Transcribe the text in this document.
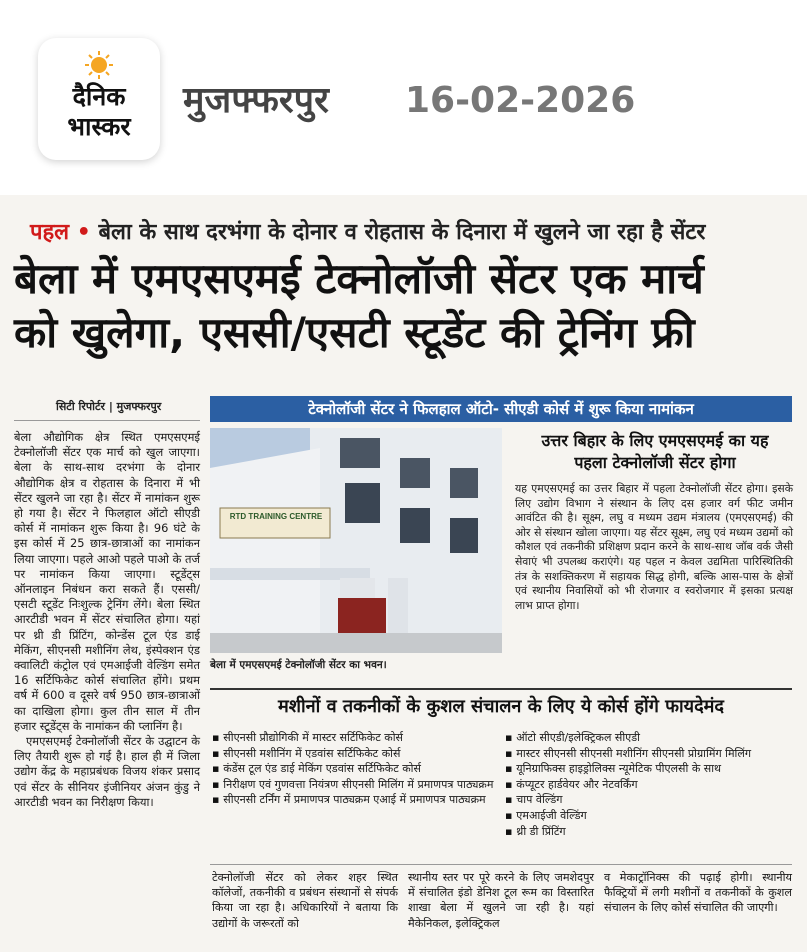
दैनिक
भास्कर
मुजफ्फरपुर 16-02-2026
पहल • बेला के साथ दरभंगा के दोनार व रोहतास के दिनारा में खुलने जा रहा है सेंटर
बेला में एमएसएमई टेक्नोलॉजी सेंटर एक मार्च
को खुलेगा, एससी/एसटी स्टूडेंट की ट्रेनिंग फ्री
सिटी रिपोर्टर | मुजफ्फरपुर
बेला औद्योगिक क्षेत्र स्थित एमएसएमई टेक्नोलॉजी सेंटर एक मार्च को खुल जाएगा। बेला के साथ-साथ दरभंगा के दोनार औद्योगिक क्षेत्र व रोहतास के दिनारा में भी सेंटर खुलने जा रहा है। सेंटर में नामांकन शुरू हो गया है। सेंटर ने फिलहाल ऑटो सीएडी कोर्स में नामांकन शुरू किया है। 96 घंटे के इस कोर्स में 25 छात्र-छात्राओं का नामांकन लिया जाएगा। पहले आओ पहले पाओ के तर्ज पर नामांकन किया जाएगा। स्टूडेंट्स ऑनलाइन निबंधन करा सकते हैं। एससी/एसटी स्टूडेंट निःशुल्क ट्रेनिंग लेंगे। बेला स्थित आरटीडी भवन में सेंटर संचालित होगा। यहां पर थ्री डी प्रिंटिंग, कोन्डेंस टूल एंड डाई मेकिंग, सीएनसी मशीनिंग लेथ, इंस्पेक्शन एंड क्वालिटी कंट्रोल एवं एमआईजी वेल्डिंग समेत 16 सर्टिफिकेट कोर्स संचालित होंगे। प्रथम वर्ष में 600 व दूसरे वर्ष 950 छात्र-छात्राओं का दाखिला होगा। कुल तीन साल में तीन हजार स्टूडेंट्स के नामांकन की प्लानिंग है।
एमएसएमई टेक्नोलॉजी सेंटर के उद्घाटन के लिए तैयारी शुरू हो गई है। हाल ही में जिला उद्योग केंद्र के महाप्रबंधक विजय शंकर प्रसाद एवं सेंटर के सीनियर इंजीनियर अंजन कुंडु ने आरटीडी भवन का निरीक्षण किया।
टेक्नोलॉजी सेंटर ने फिलहाल ऑटो- सीएडी कोर्स में शुरू किया नामांकन
RTD TRAINING CENTRE
बेला में एमएसएमई टेक्नोलॉजी सेंटर का भवन।
उत्तर बिहार के लिए एमएसएमई का यह
पहला टेक्नोलॉजी सेंटर होगा
यह एमएसएमई का उत्तर बिहार में पहला टेक्नोलॉजी सेंटर होगा। इसके लिए उद्योग विभाग ने संस्थान के लिए दस हजार वर्ग फीट जमीन आवंटित की है। सूक्ष्म, लघु व मध्यम उद्यम मंत्रालय (एमएसएमई) की ओर से संस्थान खोला जाएगा। यह सेंटर सूक्ष्म, लघु एवं मध्यम उद्यमों को कौशल एवं तकनीकी प्रशिक्षण प्रदान करने के साथ-साथ जॉब वर्क जैसी सेवाएं भी उपलब्ध कराएंगे। यह पहल न केवल उद्यमिता पारिस्थितिकी तंत्र के सशक्तिकरण में सहायक सिद्ध होगी, बल्कि आस-पास के क्षेत्रों एवं स्थानीय निवासियों को भी रोजगार व स्वरोजगार में इसका प्रत्यक्ष लाभ प्राप्त होगा।
मशीनों व तकनीकों के कुशल संचालन के लिए ये कोर्स होंगे फायदेमंद
▪ सीएनसी प्रौद्योगिकी में मास्टर सर्टिफिकेट कोर्स
▪ सीएनसी मशीनिंग में एडवांस सर्टिफिकेट कोर्स
▪ कंडेंस टूल एंड डाई मेकिंग एडवांस सर्टिफिकेट कोर्स
▪ निरीक्षण एवं गुणवत्ता नियंत्रण सीएनसी मिलिंग में प्रमाणपत्र पाठ्यक्रम
▪ सीएनसी टर्निंग में प्रमाणपत्र पाठ्यक्रम एआई में प्रमाणपत्र पाठ्यक्रम
▪ ऑटो सीएडी/इलेक्ट्रिकल सीएडी
▪ मास्टर सीएनसी सीएनसी मशीनिंग सीएनसी प्रोग्रामिंग मिलिंग
▪ यूनिग्राफिक्स हाइड्रोलिक्स न्यूमेटिक पीएलसी के साथ
▪ कंप्यूटर हार्डवेयर और नेटवर्किंग
▪ चाप वेल्डिंग
▪ एमआईजी वेल्डिंग
▪ थ्री डी प्रिंटिंग
टेक्नोलॉजी सेंटर को लेकर शहर स्थित कॉलेजों, तकनीकी व प्रबंधन संस्थानों से संपर्क किया जा रहा है। अधिकारियों ने बताया कि उद्योगों के जरूरतों को
स्थानीय स्तर पर पूरे करने के लिए जमशेदपुर में संचालित इंडो डेनिश टूल रूम का विस्तारित शाखा बेला में खुलने जा रही है। यहां मैकेनिकल, इलेक्ट्रिकल
व मेकाट्रॉनिक्स की पढ़ाई होगी। स्थानीय फैक्ट्रियों में लगी मशीनों व तकनीकों के कुशल संचालन के लिए कोर्स संचालित की जाएगी।
